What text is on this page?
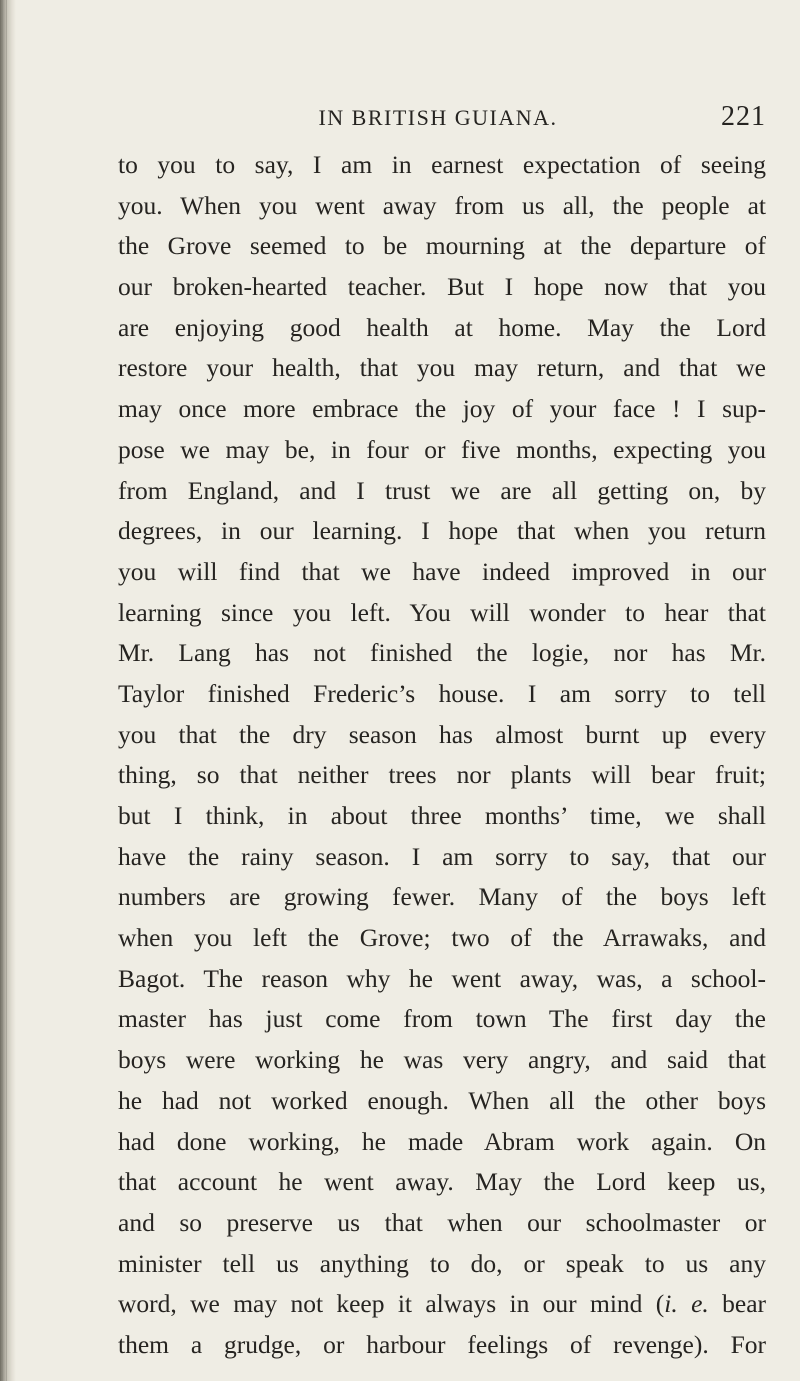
IN BRITISH GUIANA.	221
to you to say, I am in earnest expectation of seeing
you. When you went away from us all, the people at
the Grove seemed to be mourning at the departure of
our broken-hearted teacher. But I hope now that you
are enjoying good health at home. May the Lord
restore your health, that you may return, and that we
may once more embrace the joy of your face ! I sup-
pose we may be, in four or five months, expecting you
from England, and I trust we are all getting on, by
degrees, in our learning. I hope that when you return
you will find that we have indeed improved in our
learning since you left. You will wonder to hear that
Mr. Lang has not finished the logie, nor has Mr.
Taylor finished Frederic’s house. I am sorry to tell
you that the dry season has almost burnt up every
thing, so that neither trees nor plants will bear fruit;
but I think, in about three months’ time, we shall
have the rainy season. I am sorry to say, that our
numbers are growing fewer. Many of the boys left
when you left the Grove; two of the Arrawaks, and
Bagot. The reason why he went away, was, a school-
master has just come from town The first day the
boys were working he was very angry, and said that
he had not worked enough. When all the other boys
had done working, he made Abram work again. On
that account he went away. May the Lord keep us,
and so preserve us that when our schoolmaster or
minister tell us anything to do, or speak to us any
word, we may not keep it always in our mind (i. e. bear
them a grudge, or harbour feelings of revenge). For
